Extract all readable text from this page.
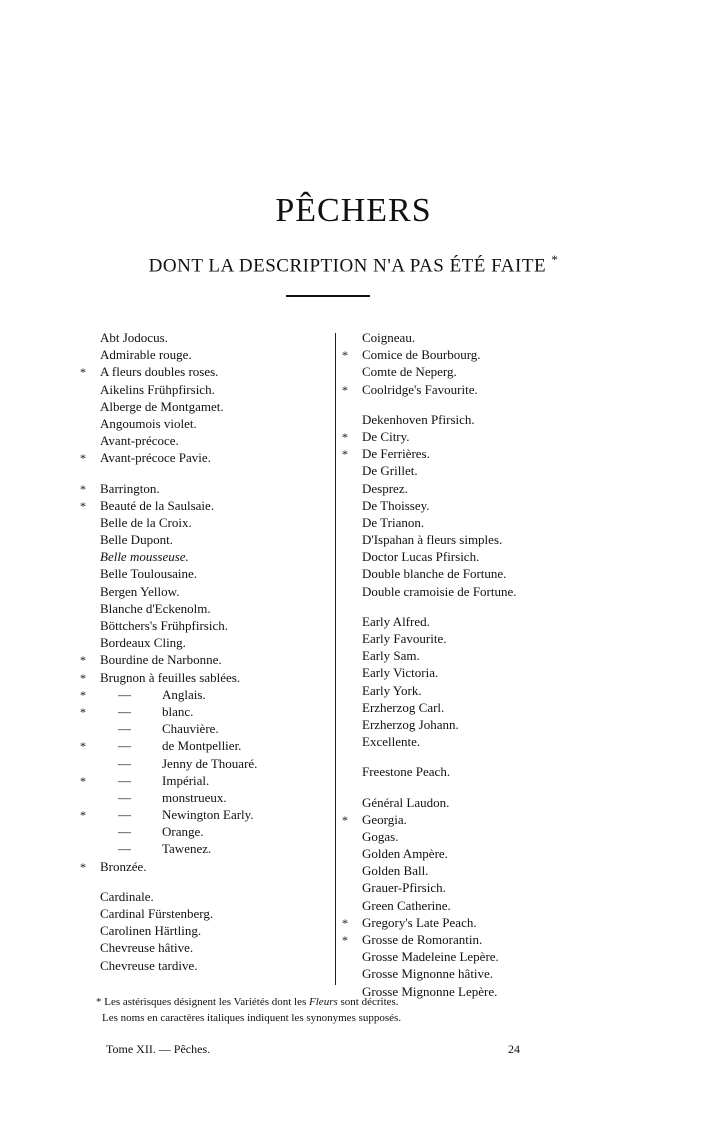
PÊCHERS
DONT LA DESCRIPTION N'A PAS ÉTÉ FAITE *
Abt Jodocus.
Admirable rouge.
*	A fleurs doubles roses.
Aikelins Frühpfirsich.
Alberge de Montgamet.
Angoumois violet.
Avant-précoce.
*	Avant-précoce Pavie.
*	Barrington.
*	Beauté de la Saulsaie.
Belle de la Croix.
Belle Dupont.
Belle mousseuse.
Belle Toulousaine.
Bergen Yellow.
Blanche d'Eckenolm.
Böttchers's Frühpfirsich.
Bordeaux Cling.
*	Bourdine de Narbonne.
*	Brugnon à feuilles sablées.
*	— Anglais.
*	— blanc.
— Chauvière.
*	— de Montpellier.
— Jenny de Thouaré.
*	— Impérial.
— monstrueux.
*	— Newington Early.
— Orange.
— Tawenez.
*	Bronzée.
Cardinale.
Cardinal Fürstenberg.
Carolinen Härtling.
Chevreuse hâtive.
Chevreuse tardive.
Coigneau.
*	Comice de Bourbourg.
Comte de Neperg.
*	Coolridge's Favourite.
Dekenhoven Pfirsich.
*	De Citry.
*	De Ferrières.
De Grillet.
Desprez.
De Thoissey.
De Trianon.
D'Ispahan à fleurs simples.
Doctor Lucas Pfirsich.
Double blanche de Fortune.
Double cramoisie de Fortune.
Early Alfred.
Early Favourite.
Early Sam.
Early Victoria.
Early York.
Erzherzog Carl.
Erzherzog Johann.
Excellente.
Freestone Peach.
Général Laudon.
*	Georgia.
Gogas.
Golden Ampère.
Golden Ball.
Grauer-Pfirsich.
Green Catherine.
*	Gregory's Late Peach.
*	Grosse de Romorantin.
Grosse Madeleine Lepère.
Grosse Mignonne hâtive.
Grosse Mignonne Lepère.
* Les astérisques désignent les Variétés dont les Fleurs sont décrites.
Les noms en caractères italiques indiquent les synonymes supposés.
Tome XII. — Pêches.	24
